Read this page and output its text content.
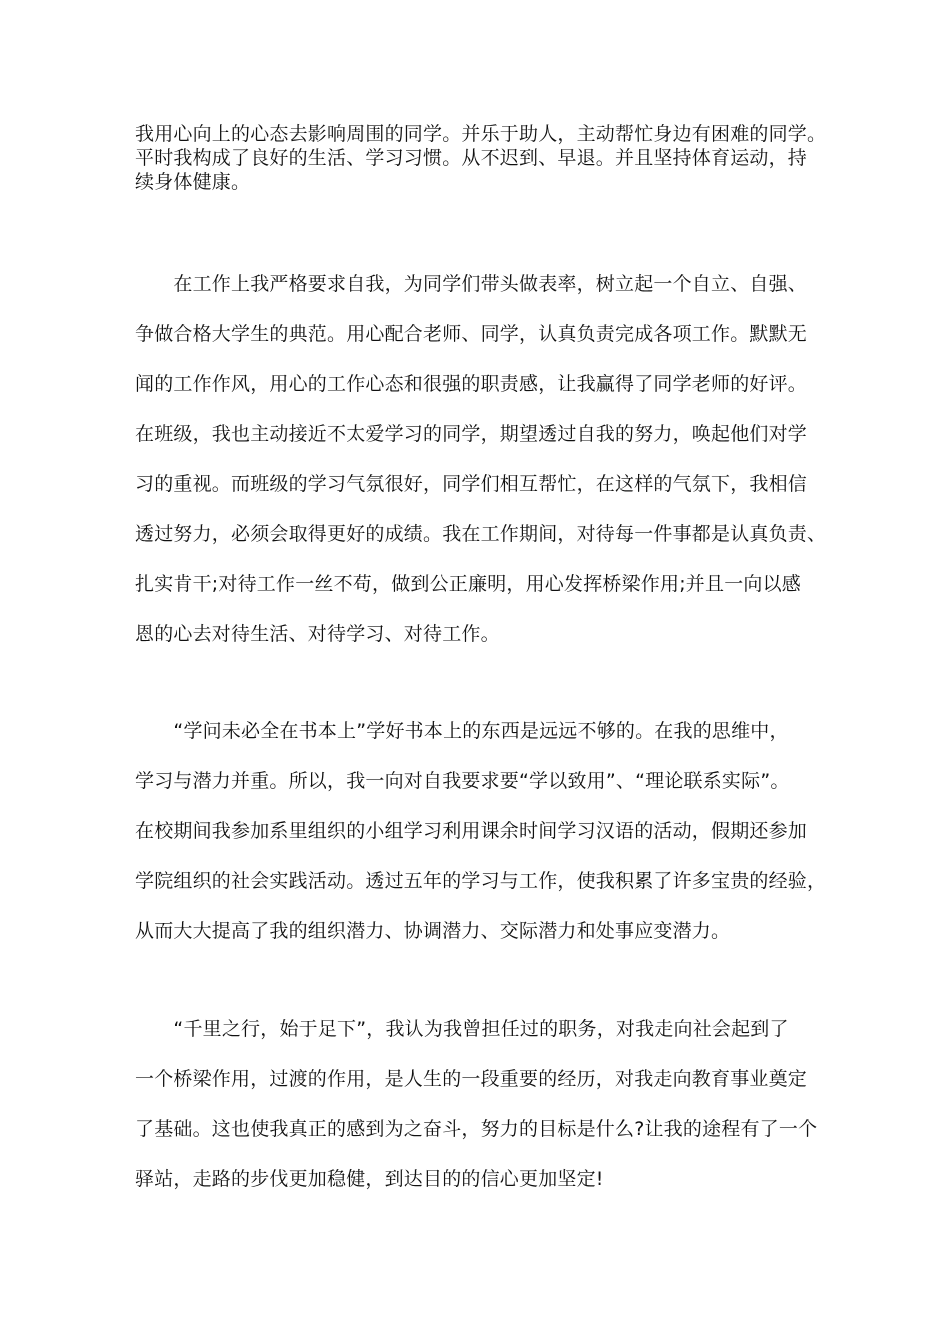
我用心向上的心态去影响周围的同学。并乐于助人，主动帮忙身边有困难的同学。
平时我构成了良好的生活、学习习惯。从不迟到、早退。并且坚持体育运动，持
续身体健康。
　　在工作上我严格要求自我，为同学们带头做表率，树立起一个自立、自强、
争做合格大学生的典范。用心配合老师、同学，认真负责完成各项工作。默默无
闻的工作作风，用心的工作心态和很强的职责感，让我赢得了同学老师的好评。
在班级，我也主动接近不太爱学习的同学，期望透过自我的努力，唤起他们对学
习的重视。而班级的学习气氛很好，同学们相互帮忙，在这样的气氛下，我相信
透过努力，必须会取得更好的成绩。我在工作期间，对待每一件事都是认真负责、
扎实肯干;对待工作一丝不苟，做到公正廉明，用心发挥桥梁作用;并且一向以感
恩的心去对待生活、对待学习、对待工作。
　　“学问未必全在书本上”学好书本上的东西是远远不够的。在我的思维中，
学习与潜力并重。所以，我一向对自我要求要“学以致用”、“理论联系实际”。
在校期间我参加系里组织的小组学习利用课余时间学习汉语的活动，假期还参加
学院组织的社会实践活动。透过五年的学习与工作，使我积累了许多宝贵的经验，
从而大大提高了我的组织潜力、协调潜力、交际潜力和处事应变潜力。
　　“千里之行，始于足下”，我认为我曾担任过的职务，对我走向社会起到了
一个桥梁作用，过渡的作用，是人生的一段重要的经历，对我走向教育事业奠定
了基础。这也使我真正的感到为之奋斗，努力的目标是什么?让我的途程有了一个
驿站，走路的步伐更加稳健，到达目的的信心更加坚定!
